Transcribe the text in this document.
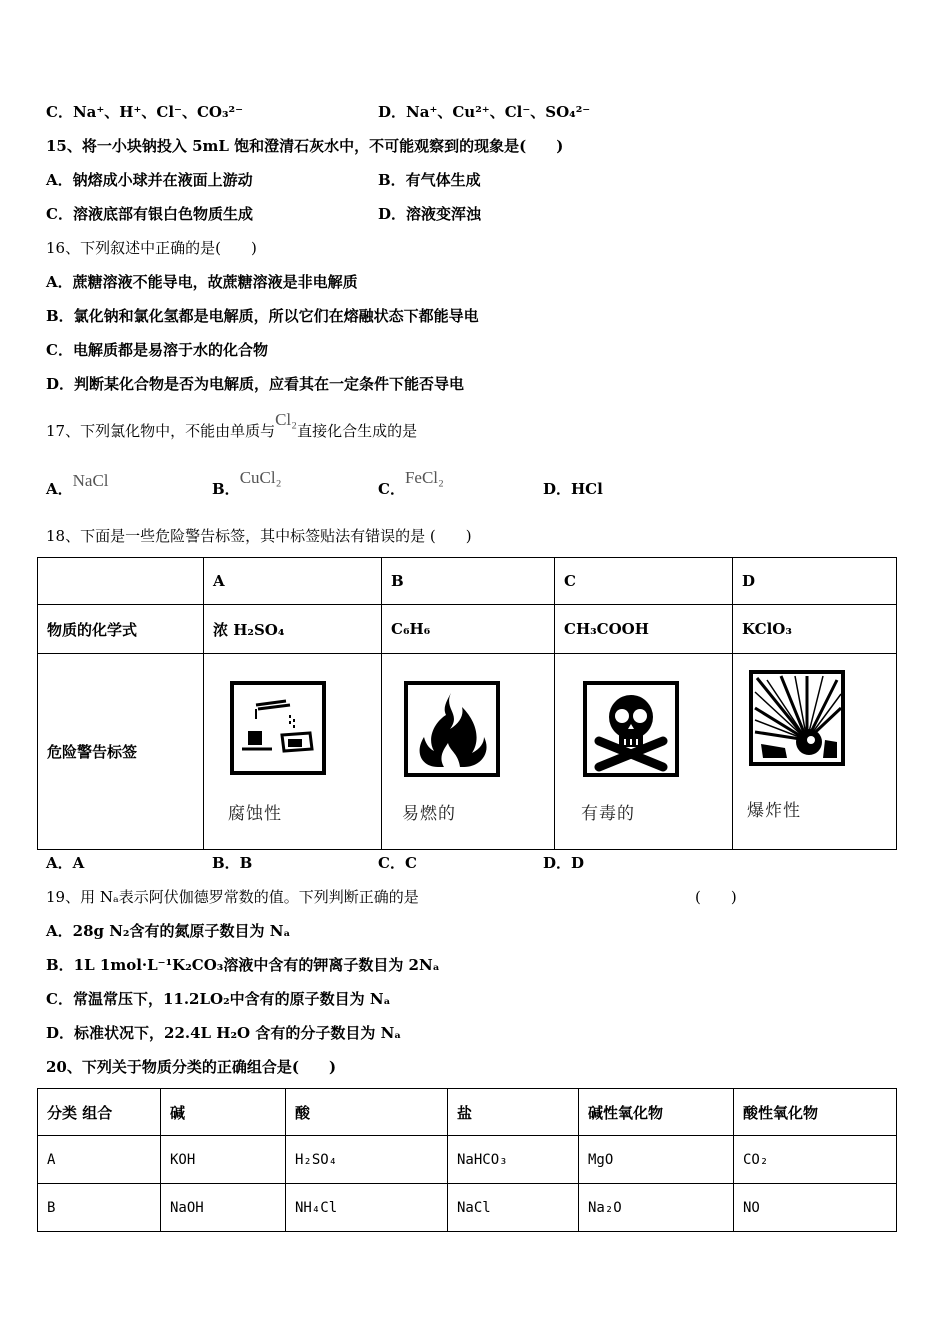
C．Na⁺、H⁺、Cl⁻、CO₃²⁻	D．Na⁺、Cu²⁺、Cl⁻、SO₄²⁻
15、将一小块钠投入 5mL 饱和澄清石灰水中，不可能观察到的现象是(　　)
A．钠熔成小球并在液面上游动	B．有气体生成
C．溶液底部有银白色物质生成	D．溶液变浑浊
16、下列叙述中正确的是(　　)
A．蔗糖溶液不能导电，故蔗糖溶液是非电解质
B．氯化钠和氯化氢都是电解质，所以它们在熔融状态下都能导电
C．电解质都是易溶于水的化合物
D．判断某化合物是否为电解质，应看其在一定条件下能否导电
17、下列氯化物中，不能由单质与Cl₂直接化合生成的是
A．NaCl	B．CuCl₂
C．FeCl₂
D．HCl
18、下面是一些危险警告标签，其中标签贴法有错误的是 (　　)
	A	B	C	D
物质的化学式	浓 H₂SO₄	C₆H₆	CH₃COOH	KClO₃
危险警告标签	腐蚀性	易燃的	有毒的	爆炸性
A．A	B．B	C．C	D．D
19、用 Nₐ表示阿伏伽德罗常数的值。下列判断正确的是	(　　)
A．28g N₂含有的氮原子数目为 Nₐ
B．1L 1mol·L⁻¹K₂CO₃溶液中含有的钾离子数目为 2Nₐ
C．常温常压下，11.2LO₂中含有的原子数目为 Nₐ
D．标准状况下，22.4L H₂O 含有的分子数目为 Nₐ
20、下列关于物质分类的正确组合是(　　)
分类 组合	碱	酸	盐	碱性氧化物	酸性氧化物
A	KOH	H₂SO₄	NaHCO₃	MgO	CO₂
B	NaOH	NH₄Cl	NaCl	Na₂O	NO
